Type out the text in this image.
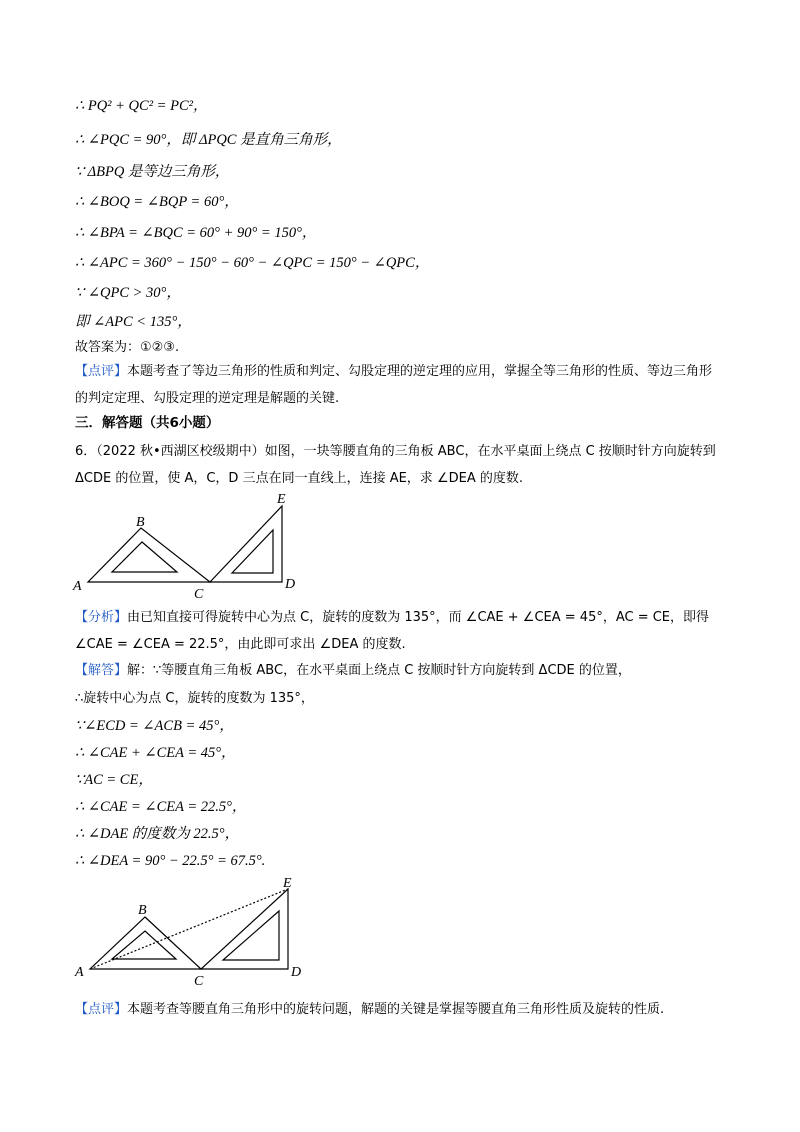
∴ PQ² + QC² = PC²，
∴ ∠PQC = 90°，即 ΔPQC 是直角三角形，
∵ ΔBPQ 是等边三角形，
∴ ∠BOQ = ∠BQP = 60°，
∴ ∠BPA = ∠BQC = 60° + 90° = 150°，
∴ ∠APC = 360° − 150° − 60° − ∠QPC = 150° − ∠QPC，
∵ ∠QPC > 30°，
即 ∠APC < 135°，
故答案为：①②③.
【点评】本题考查了等边三角形的性质和判定、勾股定理的逆定理的应用，掌握全等三角形的性质、等边三角形的判定定理、勾股定理的逆定理是解题的关键.
三．解答题（共6小题）
6．（2022 秋•西湖区校级期中）如图，一块等腰直角的三角板 ABC，在水平桌面上绕点 C 按顺时针方向旋转到 ΔCDE 的位置，使 A，C，D 三点在同一直线上，连接 AE，求 ∠DEA 的度数.
B
E
A
C
D
【分析】由已知直接可得旋转中心为点 C，旋转的度数为 135°，而 ∠CAE + ∠CEA = 45°，AC = CE，即得 ∠CAE = ∠CEA = 22.5°，由此即可求出 ∠DEA 的度数.
【解答】解：∵等腰直角三角板 ABC，在水平桌面上绕点 C 按顺时针方向旋转到 ΔCDE 的位置，
∴旋转中心为点 C，旋转的度数为 135°，
∵∠ECD = ∠ACB = 45°，
∴ ∠CAE + ∠CEA = 45°，
∵AC = CE，
∴ ∠CAE = ∠CEA = 22.5°，
∴ ∠DAE 的度数为 22.5°，
∴ ∠DEA = 90° − 22.5° = 67.5°.
E
B
A
C
D
【点评】本题考查等腰直角三角形中的旋转问题，解题的关键是掌握等腰直角三角形性质及旋转的性质.
